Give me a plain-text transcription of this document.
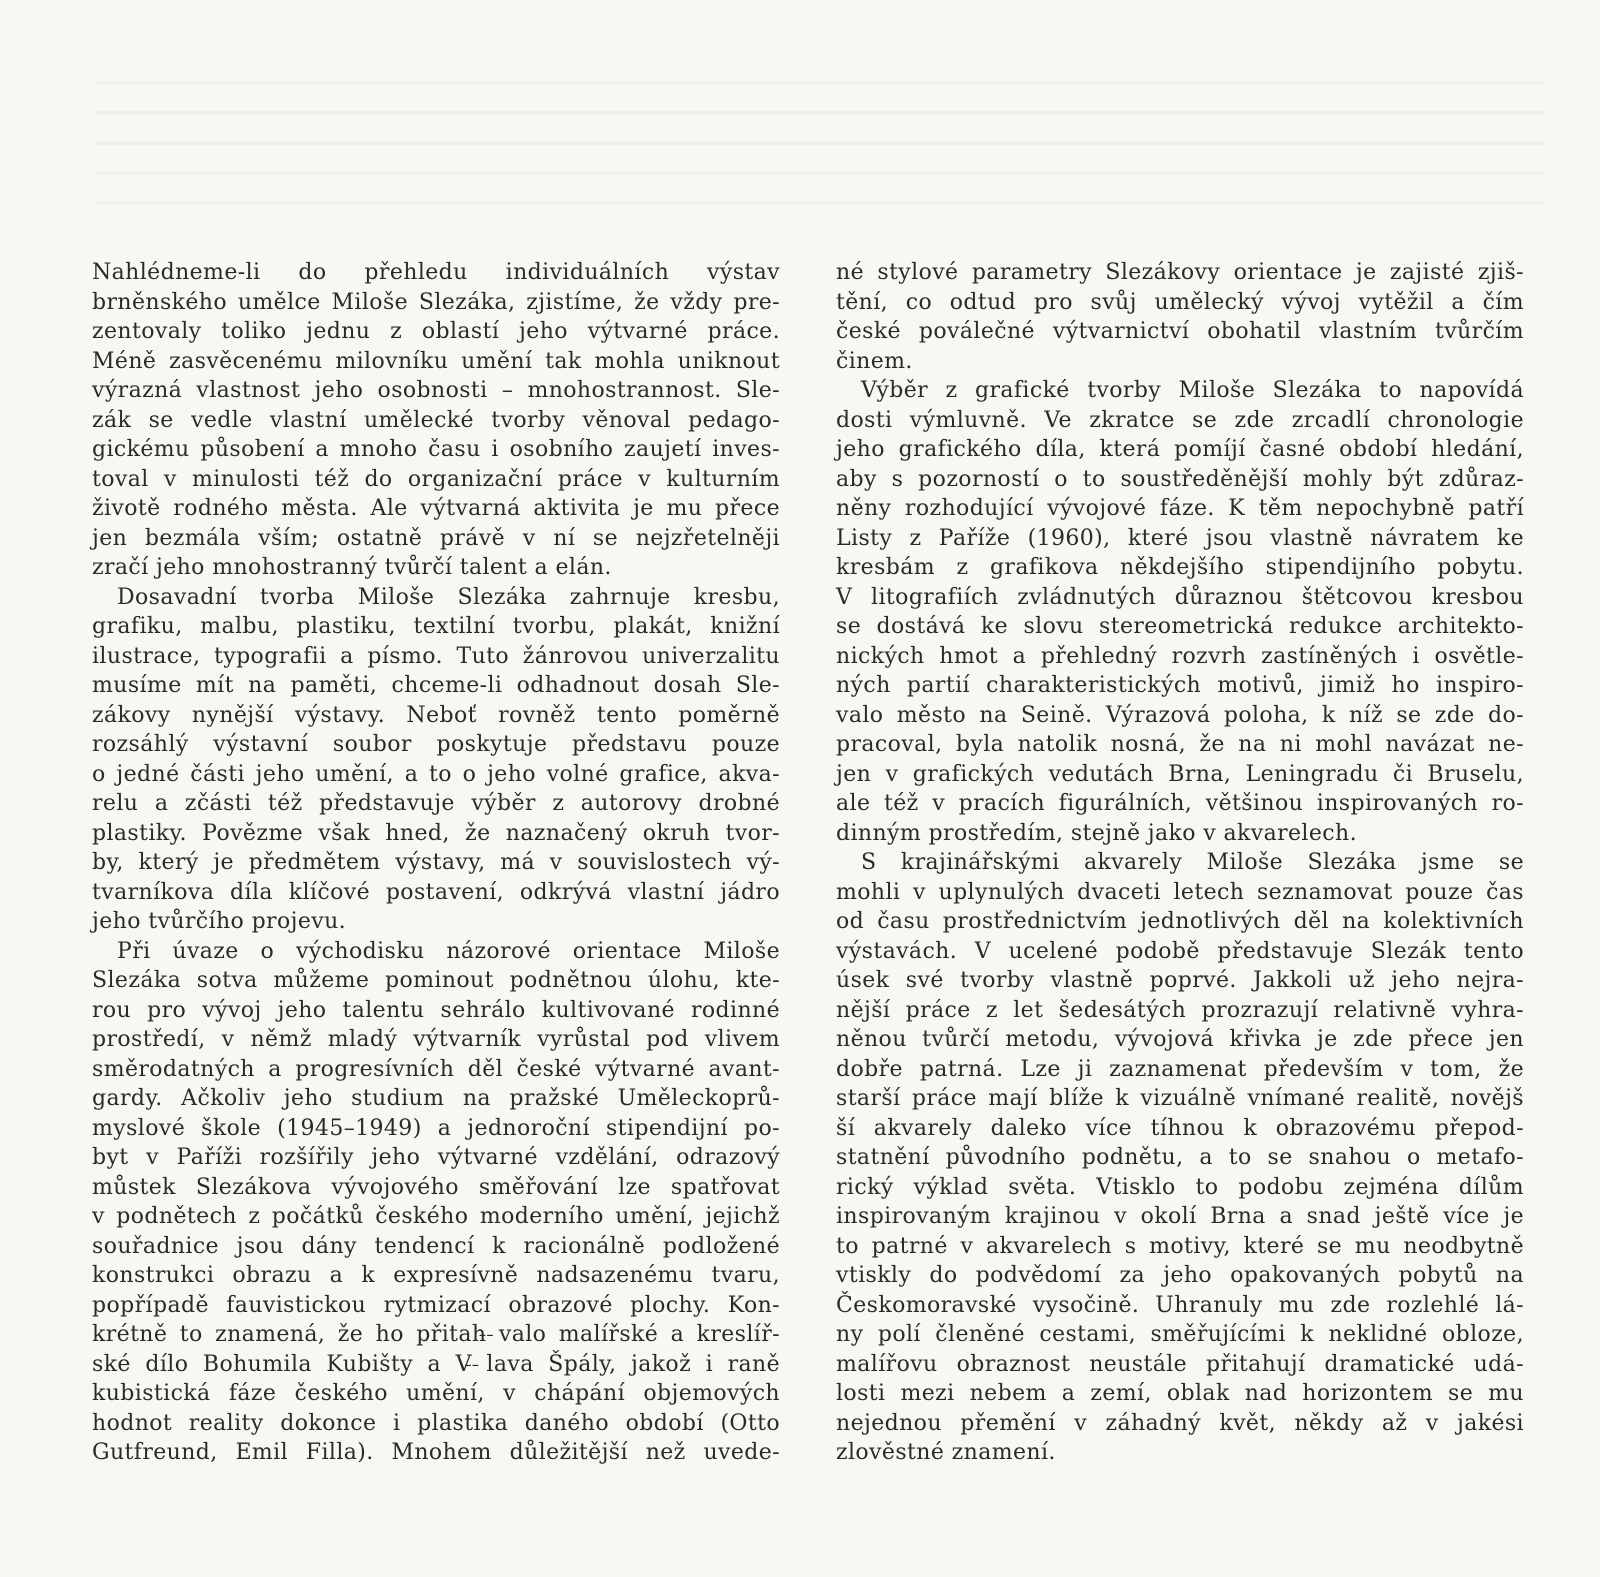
Nahlédneme-li do přehledu individuálních výstav
brněnského umělce Miloše Slezáka, zjistíme, že vždy pre-
zentovaly toliko jednu z oblastí jeho výtvarné práce.
Méně zasvěcenému milovníku umění tak mohla uniknout
výrazná vlastnost jeho osobnosti – mnohostrannost. Sle-
zák se vedle vlastní umělecké tvorby věnoval pedago-
gickému působení a mnoho času i osobního zaujetí inves-
toval v minulosti též do organizační práce v kulturním
životě rodného města. Ale výtvarná aktivita je mu přece
jen bezmála vším; ostatně právě v ní se nejzřetelněji
zračí jeho mnohostranný tvůrčí talent a elán.
Dosavadní tvorba Miloše Slezáka zahrnuje kresbu,
grafiku, malbu, plastiku, textilní tvorbu, plakát, knižní
ilustrace, typografii a písmo. Tuto žánrovou univerzalitu
musíme mít na paměti, chceme-li odhadnout dosah Sle-
zákovy nynější výstavy. Neboť rovněž tento poměrně
rozsáhlý výstavní soubor poskytuje představu pouze
o jedné části jeho umění, a to o jeho volné grafice, akva-
relu a zčásti též představuje výběr z autorovy drobné
plastiky. Povězme však hned, že naznačený okruh tvor-
by, který je předmětem výstavy, má v souvislostech vý-
tvarníkova díla klíčové postavení, odkrývá vlastní jádro
jeho tvůrčího projevu.
Při úvaze o východisku názorové orientace Miloše
Slezáka sotva můžeme pominout podnětnou úlohu, kte-
rou pro vývoj jeho talentu sehrálo kultivované rodinné
prostředí, v němž mladý výtvarník vyrůstal pod vlivem
směrodatných a progresívních děl české výtvarné avant-
gardy. Ačkoliv jeho studium na pražské Uměleckoprů-
myslové škole (1945–1949) a jednoroční stipendijní po-
byt v Paříži rozšířily jeho výtvarné vzdělání, odrazový
můstek Slezákova vývojového směřování lze spatřovat
v podnětech z počátků českého moderního umění, jejichž
souřadnice jsou dány tendencí k racionálně podložené
konstrukci obrazu a k expresívně nadsazenému tvaru,
popřípadě fauvistickou rytmizací obrazové plochy. Kon-
krétně to znamená, že ho přitah̵ ̵valo malířské a kreslíř-
ské dílo Bohumila Kubišty a V̵ ̵lava Špály, jakož i raně
kubistická fáze českého umění, v chápání objemových
hodnot reality dokonce i plastika daného období (Otto
Gutfreund, Emil Filla). Mnohem důležitější než uvede-
né stylové parametry Slezákovy orientace je zajisté zjiš-
tění, co odtud pro svůj umělecký vývoj vytěžil a čím
české poválečné výtvarnictví obohatil vlastním tvůrčím
činem.
Výběr z grafické tvorby Miloše Slezáka to napovídá
dosti výmluvně. Ve zkratce se zde zrcadlí chronologie
jeho grafického díla, která pomíjí časné období hledání,
aby s pozorností o to soustředěnější mohly být zdůraz-
něny rozhodující vývojové fáze. K těm nepochybně patří
Listy z Paříže (1960), které jsou vlastně návratem ke
kresbám z grafikova někdejšího stipendijního pobytu.
V litografiích zvládnutých důraznou štětcovou kresbou
se dostává ke slovu stereometrická redukce architekto-
nických hmot a přehledný rozvrh zastíněných i osvětle-
ných partií charakteristických motivů, jimiž ho inspiro-
valo město na Seině. Výrazová poloha, k níž se zde do-
pracoval, byla natolik nosná, že na ni mohl navázat ne-
jen v grafických vedutách Brna, Leningradu či Bruselu,
ale též v pracích figurálních, většinou inspirovaných ro-
dinným prostředím, stejně jako v akvarelech.
S krajinářskými akvarely Miloše Slezáka jsme se
mohli v uplynulých dvaceti letech seznamovat pouze čas
od času prostřednictvím jednotlivých děl na kolektivních
výstavách. V ucelené podobě představuje Slezák tento
úsek své tvorby vlastně poprvé. Jakkoli už jeho nejra-
nější práce z let šedesátých prozrazují relativně vyhra-
něnou tvůrčí metodu, vývojová křivka je zde přece jen
dobře patrná. Lze ji zaznamenat především v tom, že
starší práce mají blíže k vizuálně vnímané realitě, novějš
ší akvarely daleko více tíhnou k obrazovému přepod-
statnění původního podnětu, a to se snahou o metafo-
rický výklad světa. Vtisklo to podobu zejména dílům
inspirovaným krajinou v okolí Brna a snad ještě více je
to patrné v akvarelech s motivy, které se mu neodbytně
vtiskly do podvědomí za jeho opakovaných pobytů na
Českomoravské vysočině. Uhranuly mu zde rozlehlé lá-
ny polí členěné cestami, směřujícími k neklidné obloze,
malířovu obraznost neustále přitahují dramatické udá-
losti mezi nebem a zemí, oblak nad horizontem se mu
nejednou přemění v záhadný květ, někdy až v jakési
zlověstné znamení.
